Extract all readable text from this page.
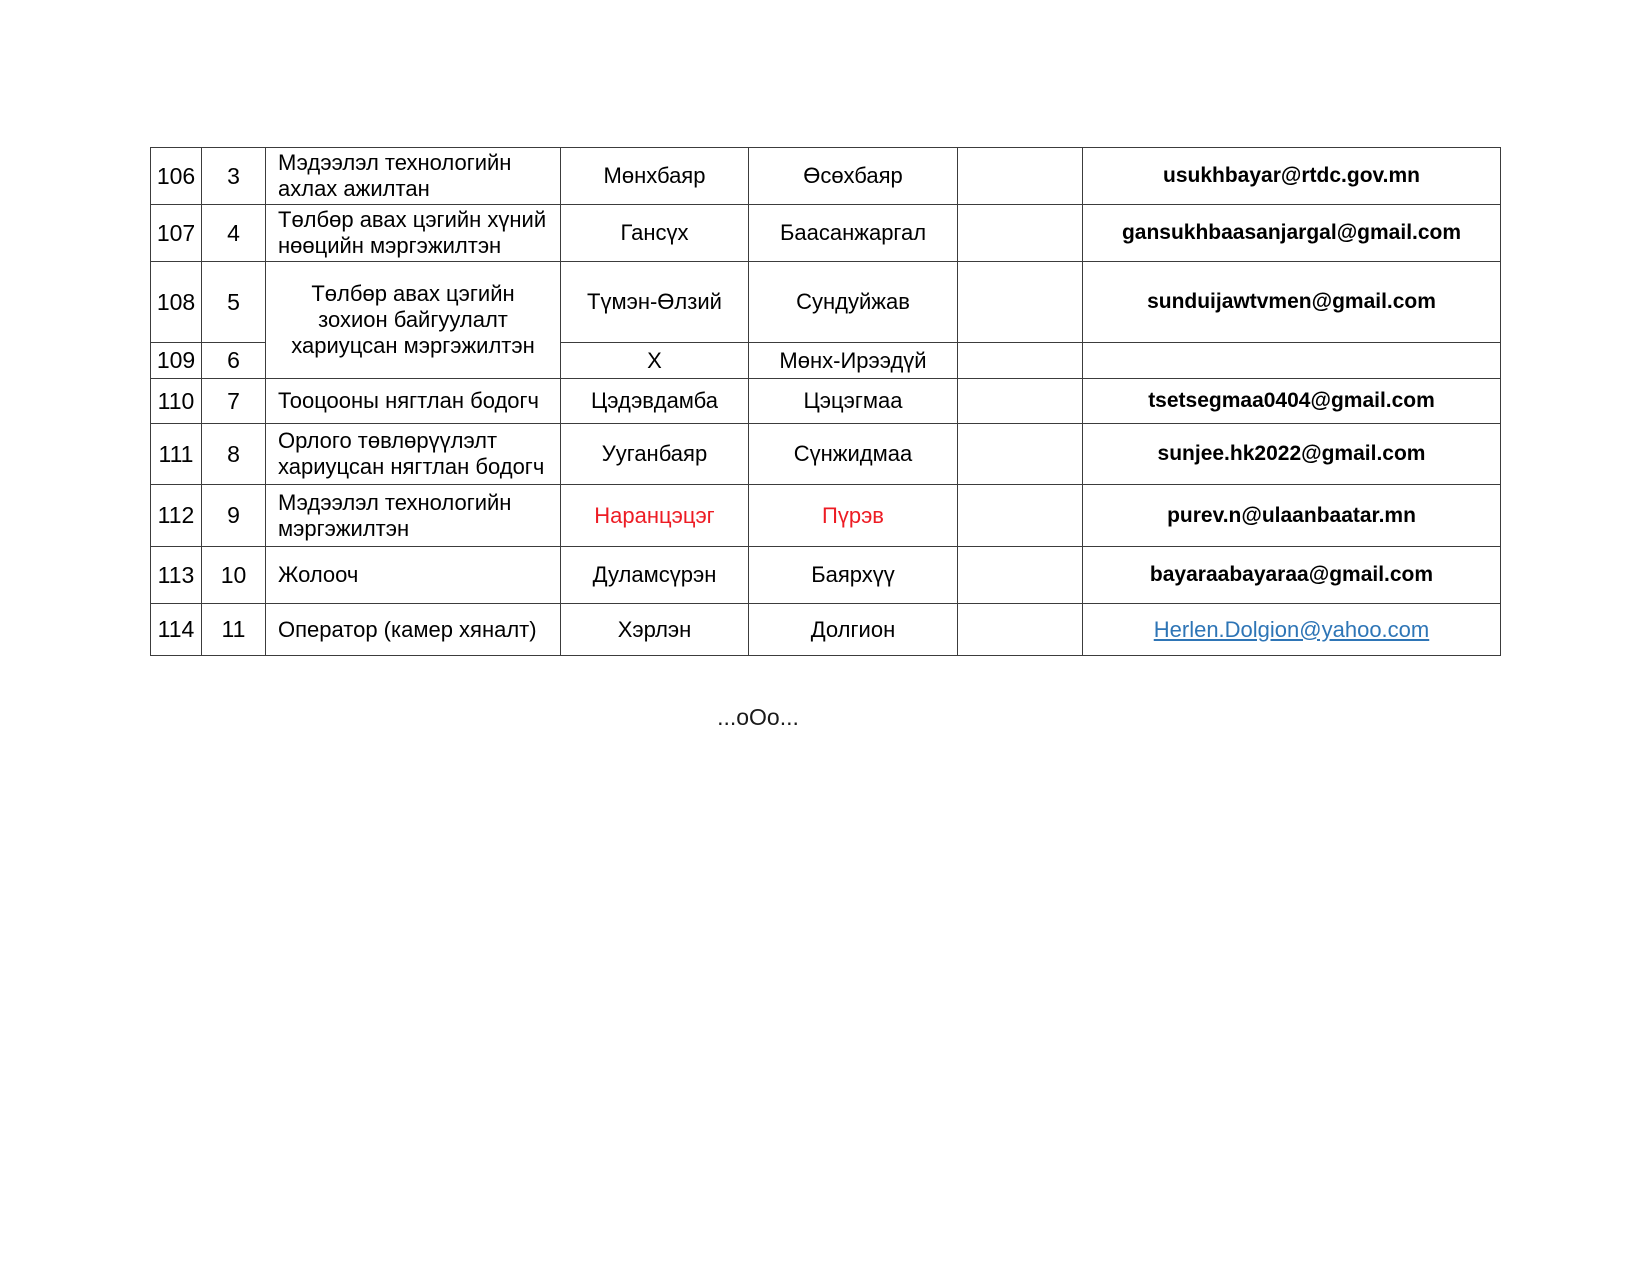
106	3	Мэдээлэл технологийн ахлах ажилтан	Мөнхбаяр	Өсөхбаяр		usukhbayar@rtdc.gov.mn
107	4	Төлбөр авах цэгийн хүний нөөцийн мэргэжилтэн	Гансүх	Баасанжаргал		gansukhbaasanjargal@gmail.com
108	5	Төлбөр авах цэгийн зохион байгуулалт хариуцсан мэргэжилтэн	Түмэн-Өлзий	Сундуйжав		sunduijawtvmen@gmail.com
109	6		Х	Мөнх-Ирээдүй		
110	7	Тооцооны нягтлан бодогч	Цэдэвдамба	Цэцэгмаа		tsetsegmaa0404@gmail.com
111	8	Орлого төвлөрүүлэлт хариуцсан нягтлан бодогч	Ууганбаяр	Сүнжидмаа		sunjee.hk2022@gmail.com
112	9	Мэдээлэл технологийн мэргэжилтэн	Наранцэцэг	Пүрэв		purev.n@ulaanbaatar.mn
113	10	Жолооч	Дуламсүрэн	Баярхүү		bayaraabayaraa@gmail.com
114	11	Оператор (камер хяналт)	Хэрлэн	Долгион		Herlen.Dolgion@yahoo.com
...оОо...
